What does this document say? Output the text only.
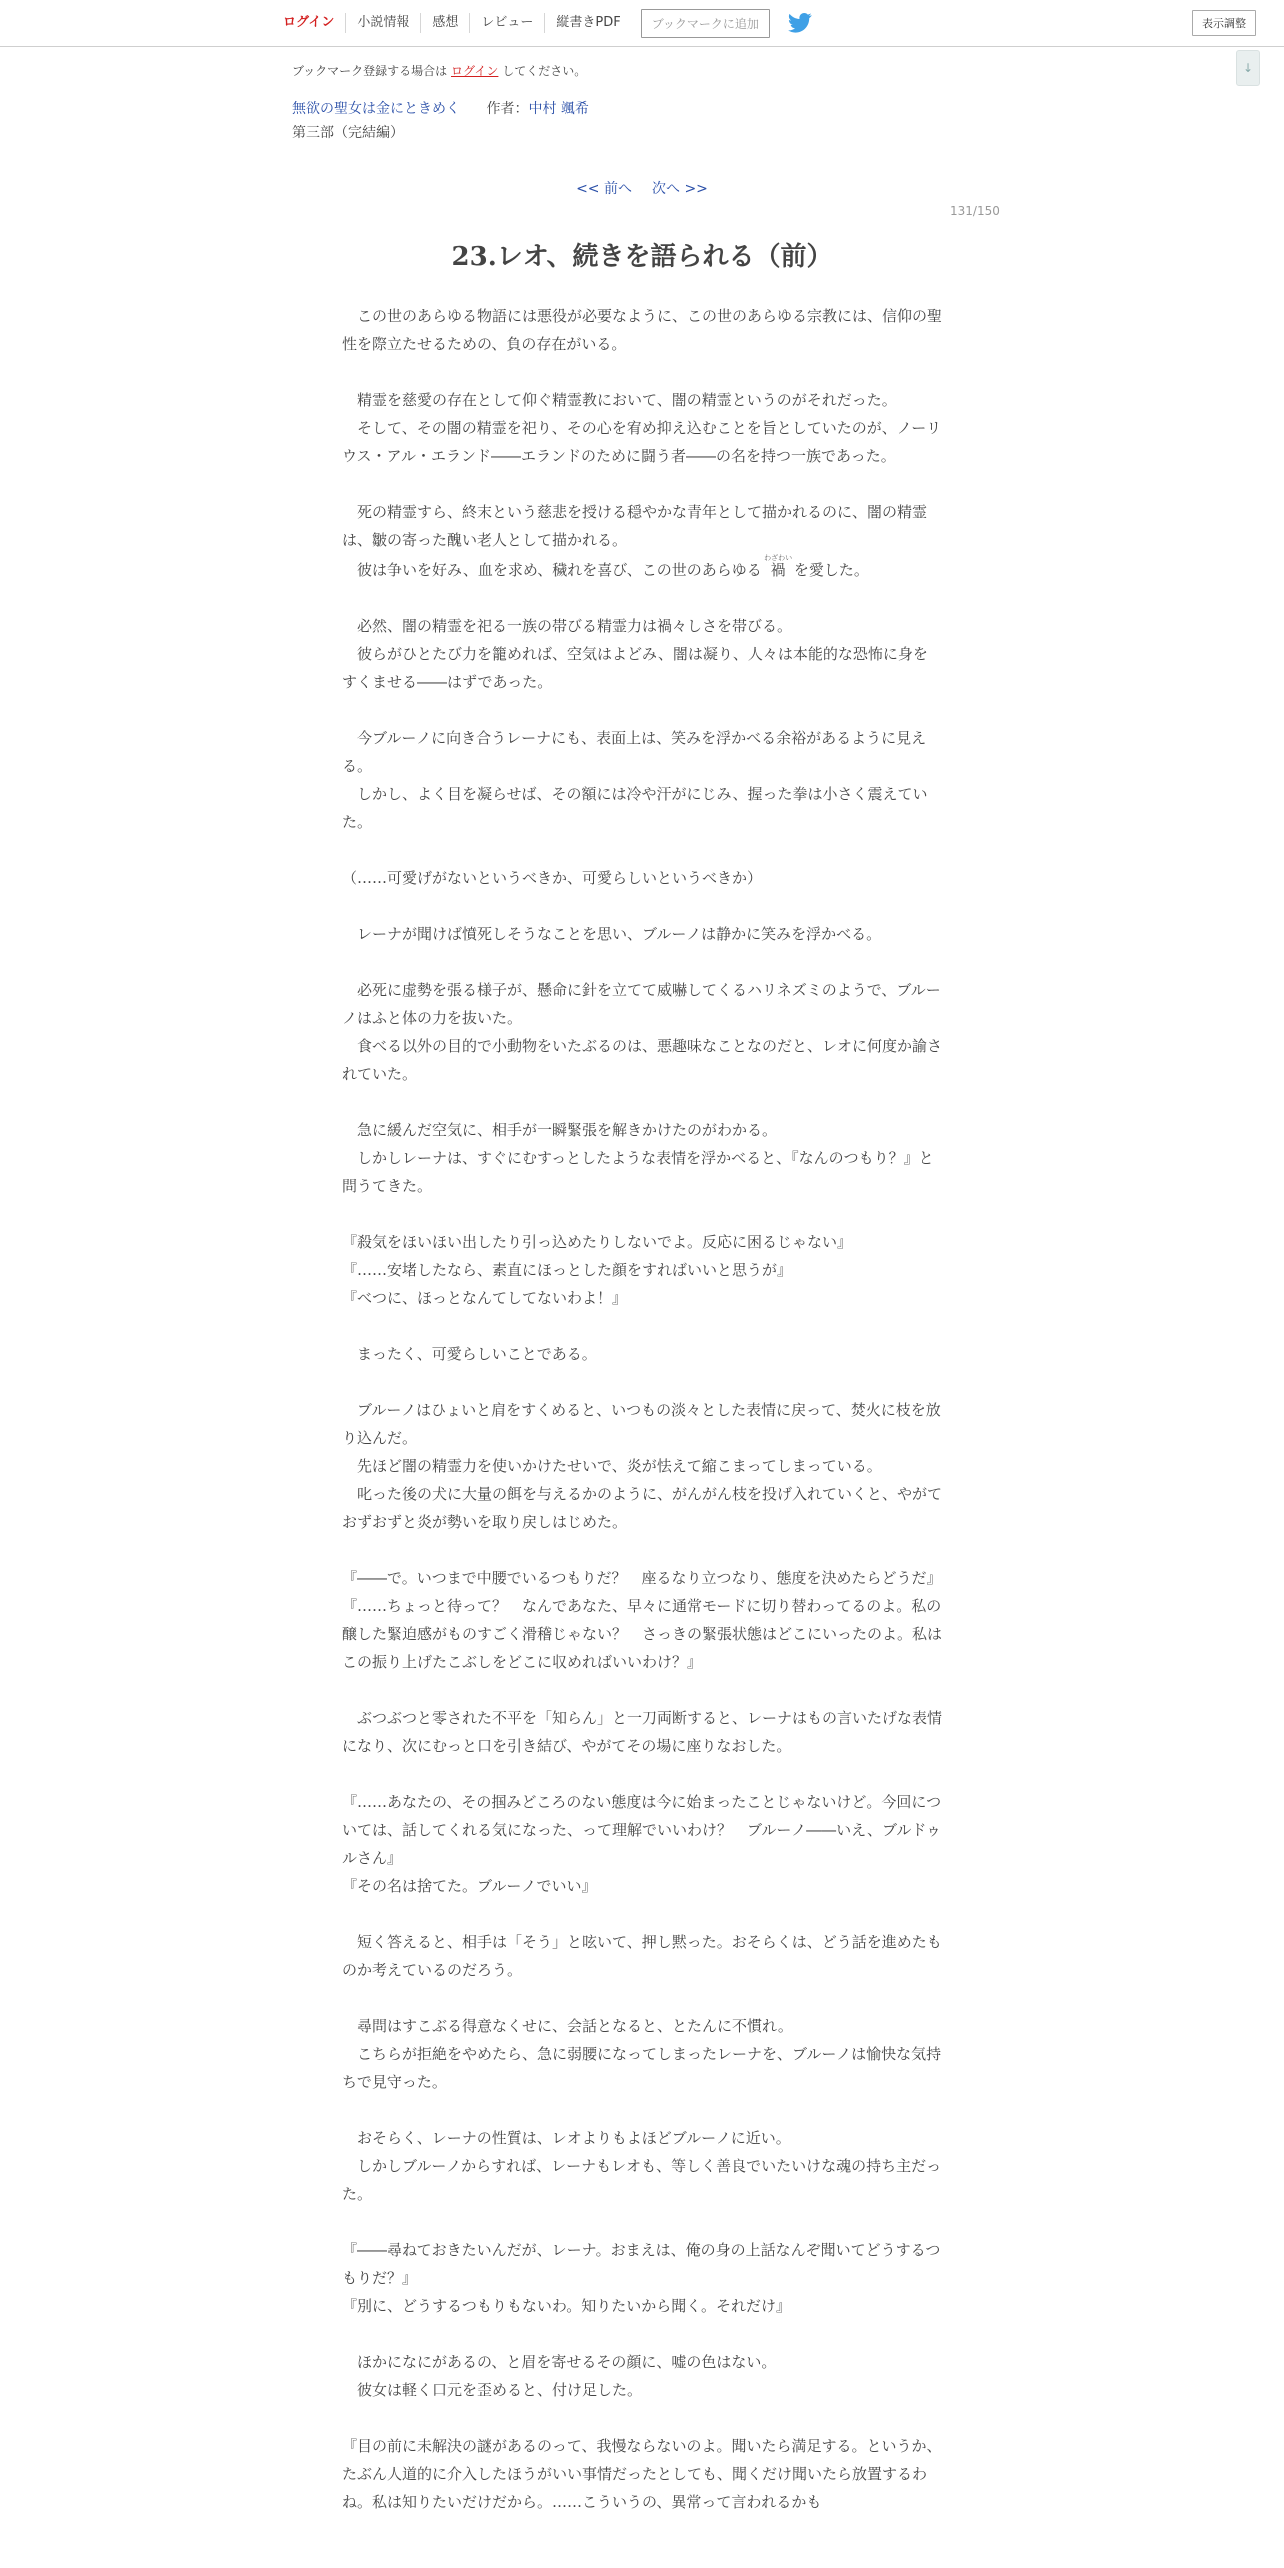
ログイン	小説情報	感想	レビュー	縦書きPDF	ブックマークに追加	表示調整
↓
ブックマーク登録する場合は ログイン してください。
無欲の聖女は金にときめく 作者：中村 颯希
第三部（完結編）
<< 前へ 次へ >>
131/150
23.レオ、続きを語られる（前）
この世のあらゆる物語には悪役が必要なように、この世のあらゆる宗教には、信仰の聖性を際立たせるための、負の存在がいる。
精霊を慈愛の存在として仰ぐ精霊教において、闇の精霊というのがそれだった。
そして、その闇の精霊を祀り、その心を宥め抑え込むことを旨としていたのが、ノーリウス・アル・エランド――エランドのために闘う者――の名を持つ一族であった。
死の精霊すら、終末という慈悲を授ける穏やかな青年として描かれるのに、闇の精霊は、皺の寄った醜い老人として描かれる。
彼は争いを好み、血を求め、穢れを喜び、この世のあらゆる 禍わざわい を愛した。
必然、闇の精霊を祀る一族の帯びる精霊力は禍々しさを帯びる。
彼らがひとたび力を籠めれば、空気はよどみ、闇は凝り、人々は本能的な恐怖に身をすくませる――はずであった。
今ブルーノに向き合うレーナにも、表面上は、笑みを浮かべる余裕があるように見える。
しかし、よく目を凝らせば、その額には冷や汗がにじみ、握った拳は小さく震えていた。
（……可愛げがないというべきか、可愛らしいというべきか）
レーナが聞けば憤死しそうなことを思い、ブルーノは静かに笑みを浮かべる。
必死に虚勢を張る様子が、懸命に針を立てて威嚇してくるハリネズミのようで、ブルーノはふと体の力を抜いた。
食べる以外の目的で小動物をいたぶるのは、悪趣味なことなのだと、レオに何度か諭されていた。
急に緩んだ空気に、相手が一瞬緊張を解きかけたのがわかる。
しかしレーナは、すぐにむすっとしたような表情を浮かべると、『なんのつもり？』と問うてきた。
『殺気をほいほい出したり引っ込めたりしないでよ。反応に困るじゃない』
『……安堵したなら、素直にほっとした顔をすればいいと思うが』
『べつに、ほっとなんてしてないわよ！』
まったく、可愛らしいことである。
ブルーノはひょいと肩をすくめると、いつもの淡々とした表情に戻って、焚火に枝を放り込んだ。
先ほど闇の精霊力を使いかけたせいで、炎が怯えて縮こまってしまっている。
叱った後の犬に大量の餌を与えるかのように、がんがん枝を投げ入れていくと、やがておずおずと炎が勢いを取り戻しはじめた。
『――で。いつまで中腰でいるつもりだ？　座るなり立つなり、態度を決めたらどうだ』
『……ちょっと待って？　なんであなた、早々に通常モードに切り替わってるのよ。私の醸した緊迫感がものすごく滑稽じゃない？　さっきの緊張状態はどこにいったのよ。私はこの振り上げたこぶしをどこに収めればいいわけ？』
ぶつぶつと零された不平を「知らん」と一刀両断すると、レーナはもの言いたげな表情になり、次にむっと口を引き結び、やがてその場に座りなおした。
『……あなたの、その掴みどころのない態度は今に始まったことじゃないけど。今回については、話してくれる気になった、って理解でいいわけ？　ブルーノ――いえ、ブルドゥルさん』
『その名は捨てた。ブルーノでいい』
短く答えると、相手は「そう」と呟いて、押し黙った。おそらくは、どう話を進めたものか考えているのだろう。
尋問はすこぶる得意なくせに、会話となると、とたんに不慣れ。
こちらが拒絶をやめたら、急に弱腰になってしまったレーナを、ブルーノは愉快な気持ちで見守った。
おそらく、レーナの性質は、レオよりもよほどブルーノに近い。
しかしブルーノからすれば、レーナもレオも、等しく善良でいたいけな魂の持ち主だった。
『――尋ねておきたいんだが、レーナ。おまえは、俺の身の上話なんぞ聞いてどうするつもりだ？』
『別に、どうするつもりもないわ。知りたいから聞く。それだけ』
ほかになにがあるの、と眉を寄せるその顔に、嘘の色はない。
彼女は軽く口元を歪めると、付け足した。
『目の前に未解決の謎があるのって、我慢ならないのよ。聞いたら満足する。というか、たぶん人道的に介入したほうがいい事情だったとしても、聞くだけ聞いたら放置するわね。私は知りたいだけだから。……こういうの、異常って言われるかも
